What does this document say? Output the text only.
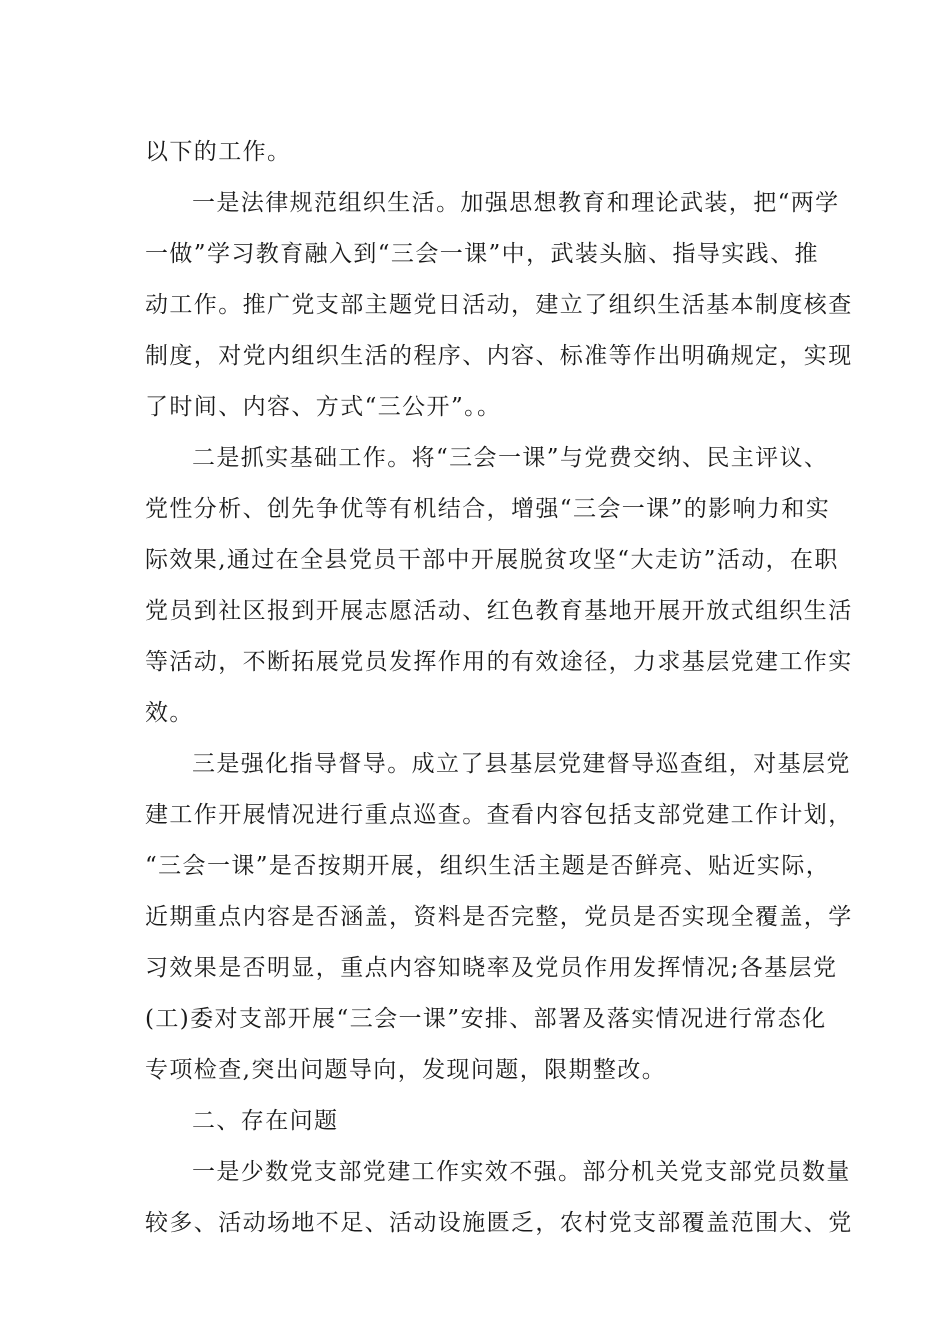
以下的工作。
一是法律规范组织生活。加强思想教育和理论武装，把“两学
一做”学习教育融入到“三会一课”中，武装头脑、指导实践、推
动工作。推广党支部主题党日活动，建立了组织生活基本制度核查
制度，对党内组织生活的程序、内容、标准等作出明确规定，实现
了时间、内容、方式“三公开”。。
二是抓实基础工作。将“三会一课”与党费交纳、民主评议、
党性分析、创先争优等有机结合，增强“三会一课”的影响力和实
际效果,通过在全县党员干部中开展脱贫攻坚“大走访”活动，在职
党员到社区报到开展志愿活动、红色教育基地开展开放式组织生活
等活动，不断拓展党员发挥作用的有效途径，力求基层党建工作实
效。
三是强化指导督导。成立了县基层党建督导巡查组，对基层党
建工作开展情况进行重点巡查。查看内容包括支部党建工作计划，
“三会一课”是否按期开展，组织生活主题是否鲜亮、贴近实际，
近期重点内容是否涵盖，资料是否完整，党员是否实现全覆盖，学
习效果是否明显，重点内容知晓率及党员作用发挥情况;各基层党
(工)委对支部开展“三会一课”安排、部署及落实情况进行常态化
专项检查,突出问题导向，发现问题，限期整改。
二、存在问题
一是少数党支部党建工作实效不强。部分机关党支部党员数量
较多、活动场地不足、活动设施匮乏，农村党支部覆盖范围大、党
